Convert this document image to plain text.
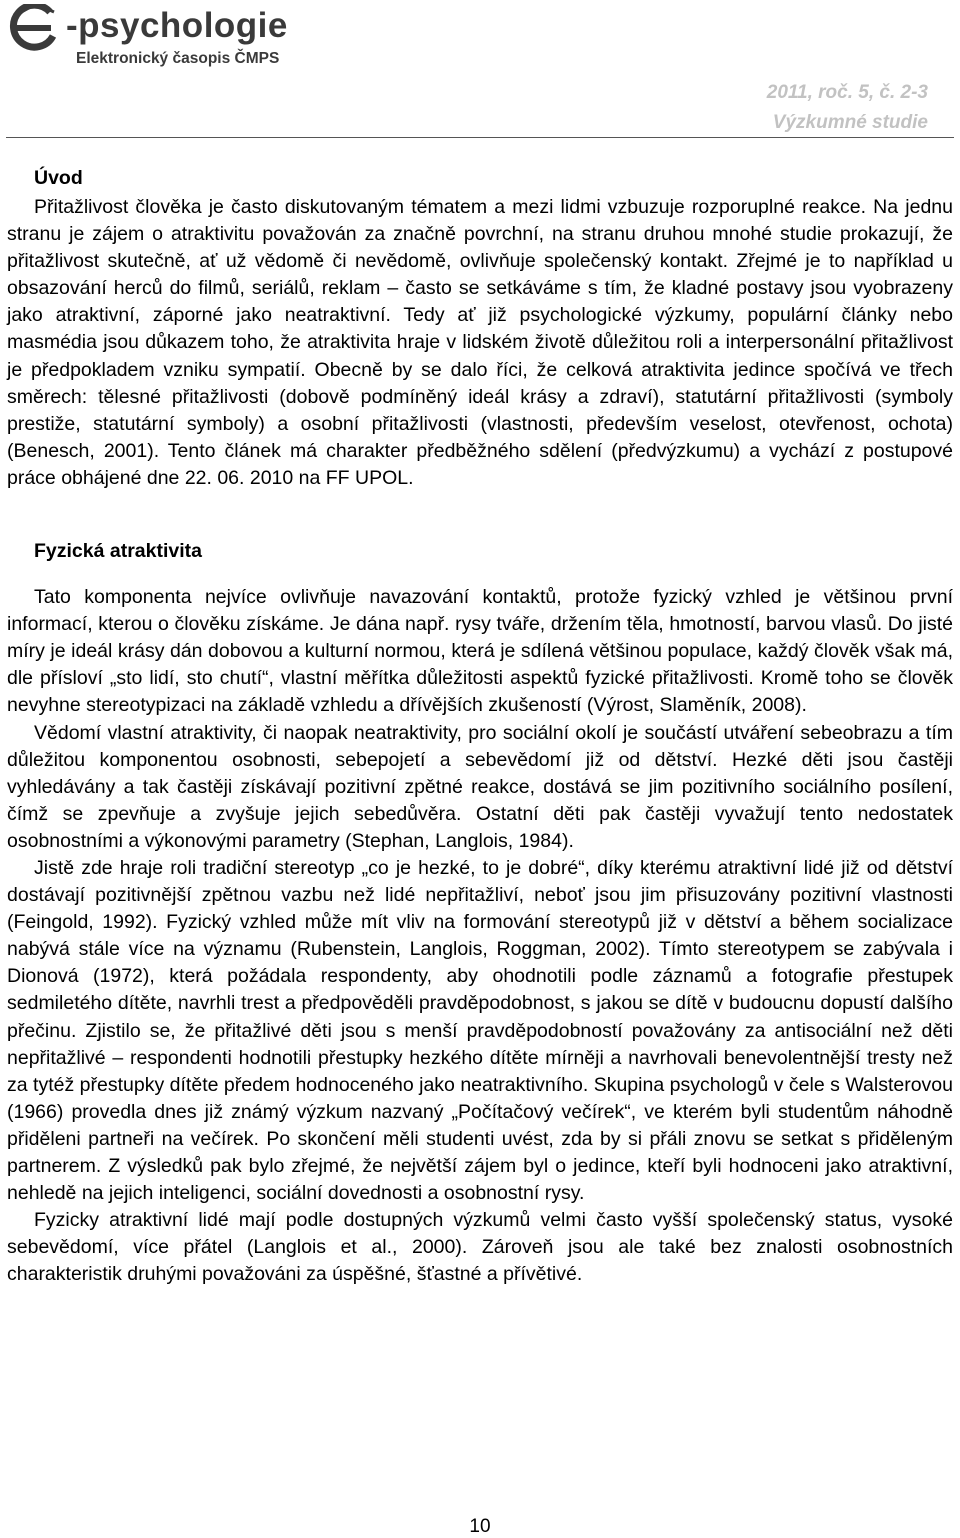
-psychologie
Elektronický časopis ČMPS
2011, roč. 5, č. 2-3
Výzkumné studie
Úvod

Přitažlivost člověka je často diskutovaným tématem a mezi lidmi vzbuzuje rozporuplné reakce. Na jednu stranu je zájem o atraktivitu považován za značně povrchní, na stranu druhou mnohé studie prokazují, že přitažlivost skutečně, ať už vědomě či nevědomě, ovlivňuje společenský kontakt. Zřejmé je to například u obsazování herců do filmů, seriálů, reklam – často se setkáváme s tím, že kladné postavy jsou vyobrazeny jako atraktivní, záporné jako neatraktivní. Tedy ať již psychologické výzkumy, populární články nebo masmédia jsou důkazem toho, že atraktivita hraje v lidském životě důležitou roli a interpersonální přitažlivost je předpokladem vzniku sympatií. Obecně by se dalo říci, že celková atraktivita jedince spočívá ve třech směrech: tělesné přitažlivosti (dobově podmíněný ideál krásy a zdraví), statutární přitažlivosti (symboly prestiže, statutární symboly) a osobní přitažlivosti (vlastnosti, především veselost, otevřenost, ochota) (Benesch, 2001). Tento článek má charakter předběžného sdělení (předvýzkumu) a vychází z postupové práce obhájené dne 22. 06. 2010 na FF UPOL.

Fyzická atraktivita

Tato komponenta nejvíce ovlivňuje navazování kontaktů, protože fyzický vzhled je většinou první informací, kterou o člověku získáme. Je dána např. rysy tváře, držením těla, hmotností, barvou vlasů. Do jisté míry je ideál krásy dán dobovou a kulturní normou, která je sdílená většinou populace, každý člověk však má, dle přísloví „sto lidí, sto chutí“, vlastní měřítka důležitosti aspektů fyzické přitažlivosti. Kromě toho se člověk nevyhne stereotypizaci na základě vzhledu a dřívějších zkušeností (Výrost, Slaměník, 2008).

Vědomí vlastní atraktivity, či naopak neatraktivity, pro sociální okolí je součástí utváření sebeobrazu a tím důležitou komponentou osobnosti, sebepojetí a sebevědomí již od dětství. Hezké děti jsou častěji vyhledávány a tak častěji získávají pozitivní zpětné reakce, dostává se jim pozitivního sociálního posílení, čímž se zpevňuje a zvyšuje jejich sebedůvěra. Ostatní děti pak častěji vyvažují tento nedostatek osobnostními a výkonovými parametry (Stephan, Langlois, 1984).

Jistě zde hraje roli tradiční stereotyp „co je hezké, to je dobré“, díky kterému atraktivní lidé již od dětství dostávají pozitivnější zpětnou vazbu než lidé nepřitažliví, neboť jsou jim přisuzovány pozitivní vlastnosti (Feingold, 1992). Fyzický vzhled může mít vliv na formování stereotypů již v dětství a během socializace nabývá stále více na významu (Rubenstein, Langlois, Roggman, 2002). Tímto stereotypem se zabývala i Dionová (1972), která požádala respondenty, aby ohodnotili podle záznamů a fotografie přestupek sedmiletého dítěte, navrhli trest a předpověděli pravděpodobnost, s jakou se dítě v budoucnu dopustí dalšího přečinu. Zjistilo se, že přitažlivé děti jsou s menší pravděpodobností považovány za antisociální než děti nepřitažlivé – respondenti hodnotili přestupky hezkého dítěte mírněji a navrhovali benevolentnější tresty než za tytéž přestupky dítěte předem hodnoceného jako neatraktivního. Skupina psychologů v čele s Walsterovou (1966) provedla dnes již známý výzkum nazvaný „Počítačový večírek“, ve kterém byli studentům náhodně přiděleni partneři na večírek. Po skončení měli studenti uvést, zda by si přáli znovu se setkat s přiděleným partnerem. Z výsledků pak bylo zřejmé, že největší zájem byl o jedince, kteří byli hodnoceni jako atraktivní, nehledě na jejich inteligenci, sociální dovednosti a osobnostní rysy.

Fyzicky atraktivní lidé mají podle dostupných výzkumů velmi často vyšší společenský status, vysoké sebevědomí, více přátel (Langlois et al., 2000). Zároveň jsou ale také bez znalosti osobnostních charakteristik druhými považováni za úspěšné, šťastné a přívětivé.

10
